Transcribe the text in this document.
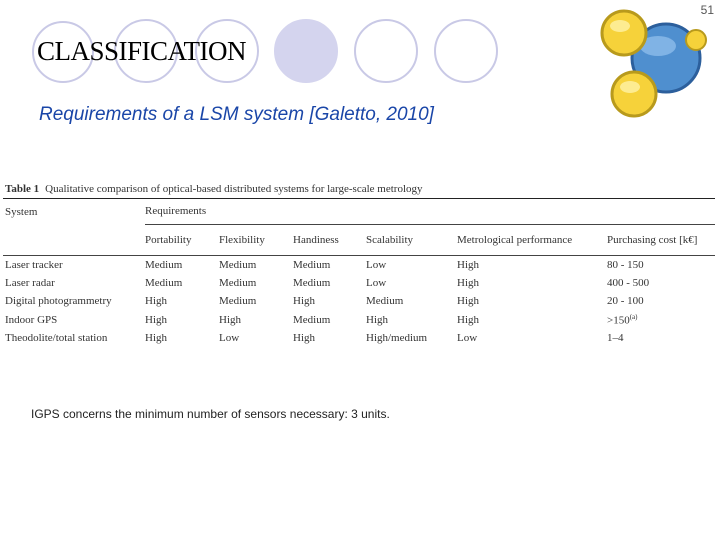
51
CLASSIFICATION
Requirements of a LSM system [Galetto, 2010]
Table 1 Qualitative comparison of optical-based distributed systems for large-scale metrology
System	Requirements
Portability	Flexibility	Handiness	Scalability	Metrological performance	Purchasing cost [k€]
Laser tracker	Medium	Medium	Medium	Low	High	80 - 150
Laser radar	Medium	Medium	Medium	Low	High	400 - 500
Digital photogrammetry	High	Medium	High	Medium	High	20 - 100
Indoor GPS	High	High	Medium	High	High	$>150^{(a)}$
Theodolite/total station	High	Low	High	High/medium	Low	1–4
IGPS concerns the minimum number of sensors necessary: 3 units.
